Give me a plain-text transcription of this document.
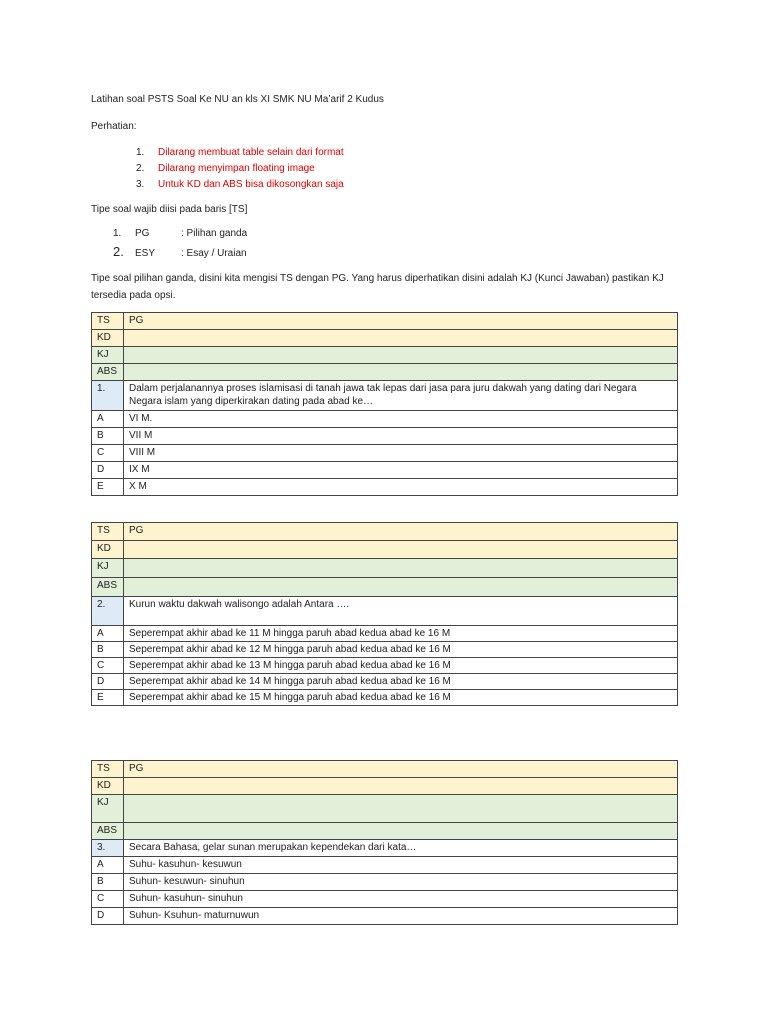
Latihan soal PSTS Soal Ke NU an kls XI SMK NU Ma’arif 2 Kudus
Perhatian:
1. Dilarang membuat table selain dari format
2. Dilarang menyimpan floating image
3. Untuk KD dan ABS bisa dikosongkan saja
Tipe soal wajib diisi pada baris [TS]
1. PG	: Pilihan ganda
2. ESY	: Esay / Uraian
Tipe soal pilihan ganda, disini kita mengisi TS dengan PG. Yang harus diperhatikan disini adalah KJ (Kunci Jawaban) pastikan KJ tersedia pada opsi.
TS	PG
KD	
KJ	
ABS	
1.	Dalam perjalanannya proses islamisasi di tanah jawa tak lepas dari jasa para juru dakwah yang dating dari Negara Negara islam yang diperkirakan dating pada abad ke…
A	VI M.
B	VII M
C	VIII M
D	IX M
E	X M
TS	PG
KD	
KJ	
ABS	
2.	Kurun waktu dakwah walisongo adalah Antara ….
A	Seperempat akhir abad ke 11 M hingga paruh abad kedua abad ke 16 M
B	Seperempat akhir abad ke 12 M hingga paruh abad kedua abad ke 16 M
C	Seperempat akhir abad ke 13 M hingga paruh abad kedua abad ke 16 M
D	Seperempat akhir abad ke 14 M hingga paruh abad kedua abad ke 16 M
E	Seperempat akhir abad ke 15 M hingga paruh abad kedua abad ke 16 M
TS	PG
KD	
KJ	
ABS	
3.	Secara Bahasa, gelar sunan merupakan kependekan dari kata…
A	Suhu- kasuhun- kesuwun
B	Suhun- kesuwun- sinuhun
C	Suhun- kasuhun- sinuhun
D	Suhun- Ksuhun- maturnuwun
